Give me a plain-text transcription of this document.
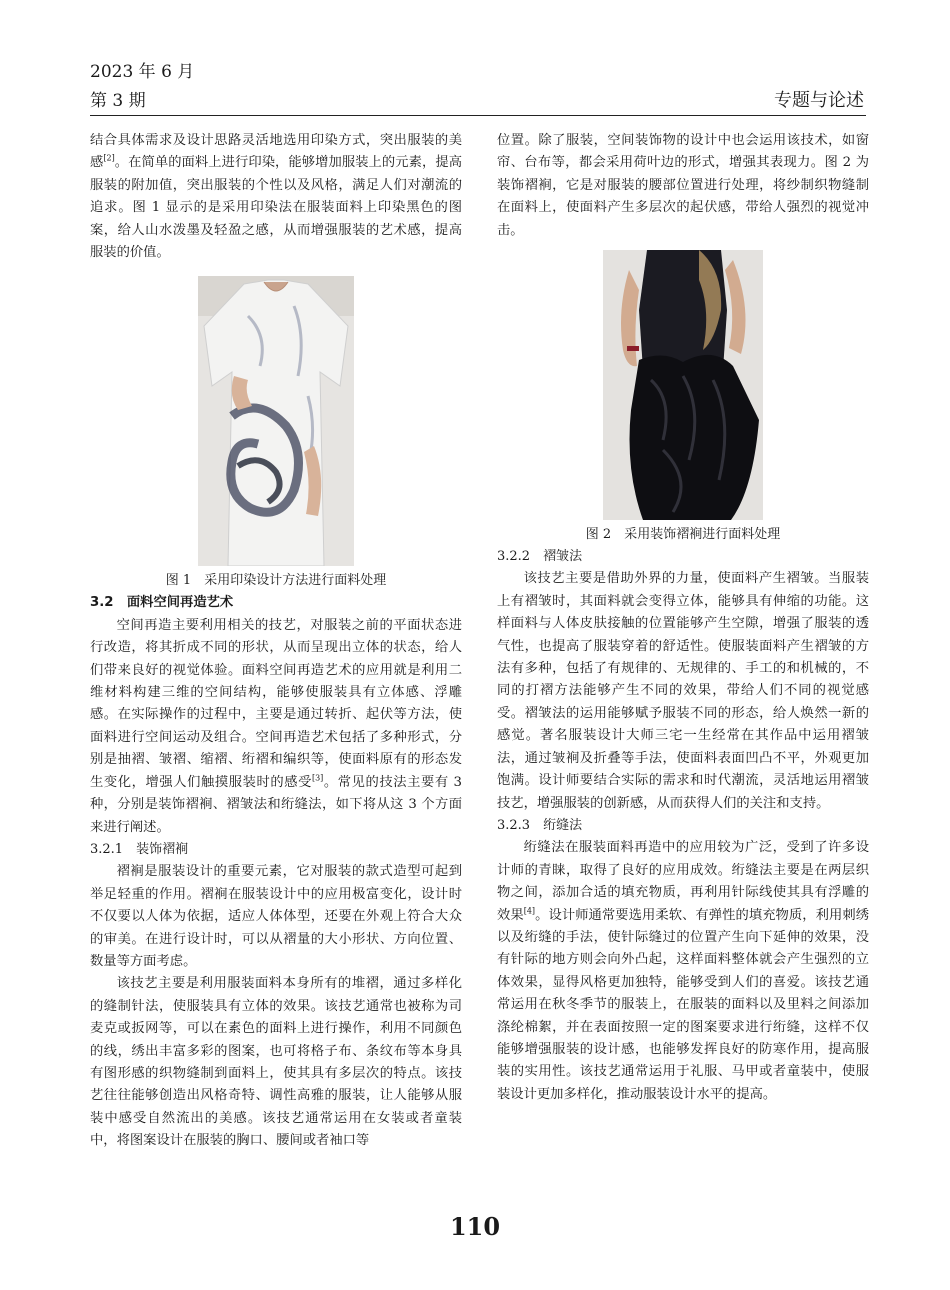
2023 年 6 月
第 3 期	专题与论述

结合具体需求及设计思路灵活地选用印染方式，突出服装的美感[2]。在简单的面料上进行印染，能够增加服装上的元素，提高服装的附加值，突出服装的个性以及风格，满足人们对潮流的追求。图 1 显示的是采用印染法在服装面料上印染黑色的图案，给人山水泼墨及轻盈之感，从而增强服装的艺术感，提高服装的价值。

图 1　采用印染设计方法进行面料处理

3.2　面料空间再造艺术

空间再造主要利用相关的技艺，对服装之前的平面状态进行改造，将其折成不同的形状，从而呈现出立体的状态，给人们带来良好的视觉体验。面料空间再造艺术的应用就是利用二维材料构建三维的空间结构，能够使服装具有立体感、浮雕感。在实际操作的过程中，主要是通过转折、起伏等方法，使面料进行空间运动及组合。空间再造艺术包括了多种形式，分别是抽褶、皱褶、缩褶、绗褶和编织等，使面料原有的形态发生变化，增强人们触摸服装时的感受[3]。常见的技法主要有 3 种，分别是装饰褶裥、褶皱法和绗缝法，如下将从这 3 个方面来进行阐述。

3.2.1　装饰褶裥

褶裥是服装设计的重要元素，它对服装的款式造型可起到举足轻重的作用。褶裥在服装设计中的应用极富变化，设计时不仅要以人体为依据，适应人体体型，还要在外观上符合大众的审美。在进行设计时，可以从褶量的大小形状、方向位置、数量等方面考虑。

该技艺主要是利用服装面料本身所有的堆褶，通过多样化的缝制针法，使服装具有立体的效果。该技艺通常也被称为司麦克或扳网等，可以在素色的面料上进行操作，利用不同颜色的线，绣出丰富多彩的图案，也可将格子布、条纹布等本身具有图形感的织物缝制到面料上，使其具有多层次的特点。该技艺往往能够创造出风格奇特、调性高雅的服装，让人能够从服装中感受自然流出的美感。该技艺通常运用在女装或者童装中，将图案设计在服装的胸口、腰间或者袖口等

位置。除了服装，空间装饰物的设计中也会运用该技术，如窗帘、台布等，都会采用荷叶边的形式，增强其表现力。图 2 为装饰褶裥，它是对服装的腰部位置进行处理，将纱制织物缝制在面料上，使面料产生多层次的起伏感，带给人强烈的视觉冲击。

图 2　采用装饰褶裥进行面料处理

3.2.2　褶皱法

该技艺主要是借助外界的力量，使面料产生褶皱。当服装上有褶皱时，其面料就会变得立体，能够具有伸缩的功能。这样面料与人体皮肤接触的位置能够产生空隙，增强了服装的透气性，也提高了服装穿着的舒适性。使服装面料产生褶皱的方法有多种，包括了有规律的、无规律的、手工的和机械的，不同的打褶方法能够产生不同的效果，带给人们不同的视觉感受。褶皱法的运用能够赋予服装不同的形态，给人焕然一新的感觉。著名服装设计大师三宅一生经常在其作品中运用褶皱法，通过皱裥及折叠等手法，使面料表面凹凸不平，外观更加饱满。设计师要结合实际的需求和时代潮流，灵活地运用褶皱技艺，增强服装的创新感，从而获得人们的关注和支持。

3.2.3　绗缝法

绗缝法在服装面料再造中的应用较为广泛，受到了许多设计师的青睐，取得了良好的应用成效。绗缝法主要是在两层织物之间，添加合适的填充物质，再利用针际线使其具有浮雕的效果[4]。设计师通常要选用柔软、有弹性的填充物质，利用刺绣以及绗缝的手法，使针际缝过的位置产生向下延伸的效果，没有针际的地方则会向外凸起，这样面料整体就会产生强烈的立体效果，显得风格更加独特，能够受到人们的喜爱。该技艺通常运用在秋冬季节的服装上，在服装的面料以及里料之间添加涤纶棉絮，并在表面按照一定的图案要求进行绗缝，这样不仅能够增强服装的设计感，也能够发挥良好的防寒作用，提高服装的实用性。该技艺通常运用于礼服、马甲或者童装中，使服装设计更加多样化，推动服装设计水平的提高。

110
